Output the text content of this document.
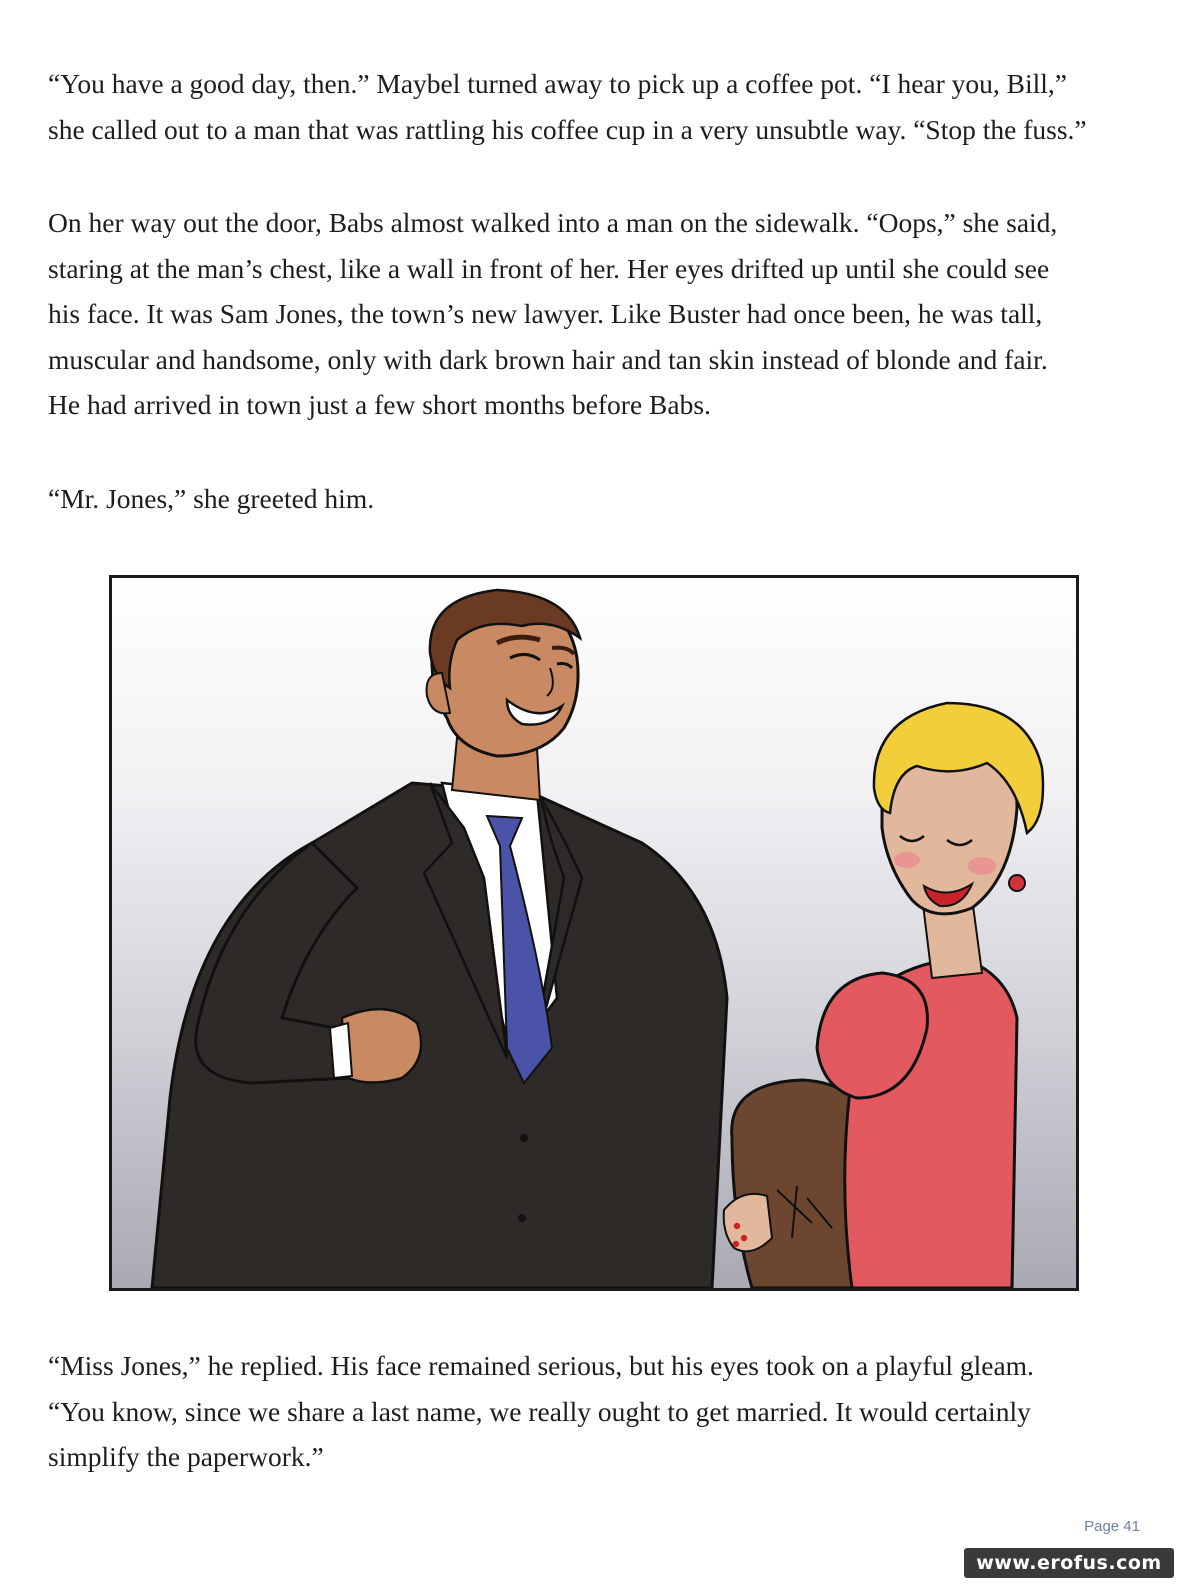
“You have a good day, then.” Maybel turned away to pick up a coffee pot. “I hear you, Bill,”
she called out to a man that was rattling his coffee cup in a very unsubtle way. “Stop the fuss.”
On her way out the door, Babs almost walked into a man on the sidewalk. “Oops,” she said,
staring at the man’s chest, like a wall in front of her. Her eyes drifted up until she could see
his face. It was Sam Jones, the town’s new lawyer. Like Buster had once been, he was tall,
muscular and handsome, only with dark brown hair and tan skin instead of blonde and fair.
He had arrived in town just a few short months before Babs.
“Mr. Jones,” she greeted him.
“Miss Jones,” he replied. His face remained serious, but his eyes took on a playful gleam.
“You know, since we share a last name, we really ought to get married. It would certainly
simplify the paperwork.”
Page 41
www.erofus.com
